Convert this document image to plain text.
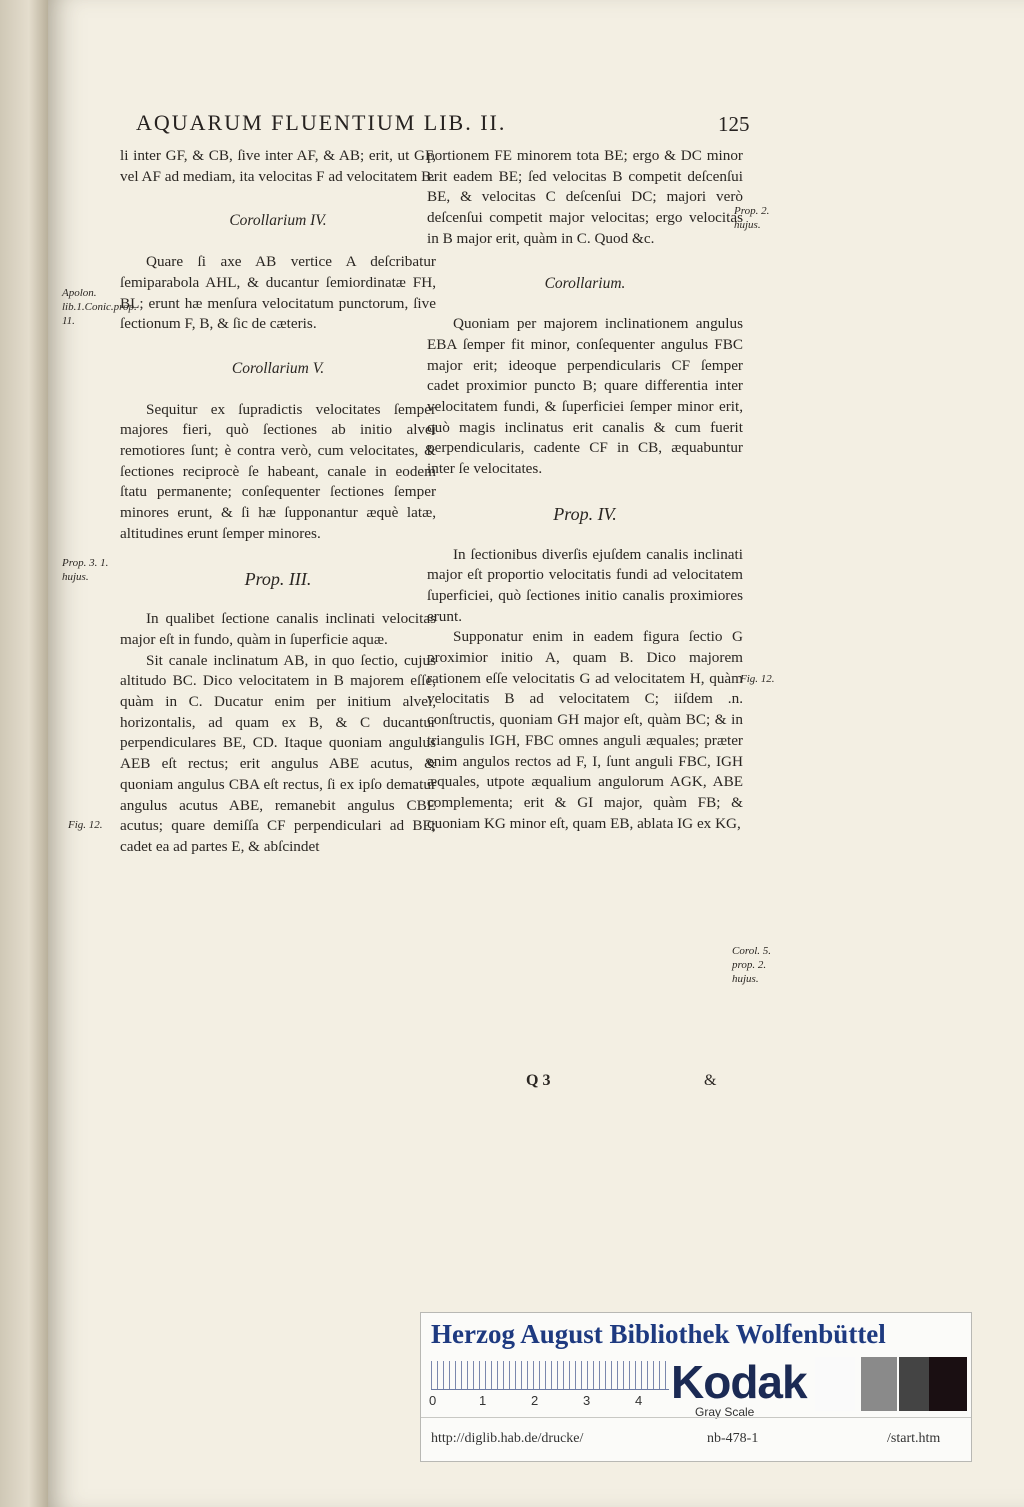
AQUARUM FLUENTIUM LIB. II.	125

li inter GF, & CB, ſive inter AF, & AB; erit, ut GF, vel AF ad mediam, ita velocitas F ad velocitatem B.

Corollarium IV.

Quare ſi axe AB vertice A deſcribatur ſemiparabola AHL, & ducantur ſemiordinatæ FH, BL; erunt hæ menſura velocitatum punctorum, ſive ſectionum F, B, & ſic de cæteris.

Corollarium V.

Sequitur ex ſupradictis velocitates ſemper majores fieri, quò ſectiones ab initio alvei remotiores ſunt; è contra verò, cum velocitates, & ſectiones reciprocè ſe habeant, canale in eodem ſtatu permanente; conſequenter ſectiones ſemper minores erunt, & ſi hæ ſupponantur æquè latæ, altitudines erunt ſemper minores.

Prop. III.

In qualibet ſectione canalis inclinati velocitas major eſt in fundo, quàm in ſuperficie aquæ.

Sit canale inclinatum AB, in quo ſectio, cujus altitudo BC. Dico velocitatem in B majorem eſſe, quàm in C. Ducatur enim per initium alvei, horizontalis, ad quam ex B, & C ducantur perpendiculares BE, CD. Itaque quoniam angulus AEB eſt rectus; erit angulus ABE acutus, & quoniam angulus CBA eſt rectus, ſi ex ipſo dematur angulus acutus ABE, remanebit angulus CBE acutus; quare demiſſa CF perpendiculari ad BE; cadet ea ad partes E, & abſcindet

portionem FE minorem tota BE; ergo & DC minor erit eadem BE; ſed velocitas B competit deſcenſui BE, & velocitas C deſcenſui DC; majori verò deſcenſui competit major velocitas; ergo velocitas in B major erit, quàm in C. Quod &c.

Corollarium.

Quoniam per majorem inclinationem angulus EBA ſemper fit minor, conſequenter angulus FBC major erit; ideoque perpendicularis CF ſemper cadet proximior puncto B; quare differentia inter velocitatem fundi, & ſuperficiei ſemper minor erit, quò magis inclinatus erit canalis & cum fuerit perpendicularis, cadente CF in CB, æquabuntur inter ſe velocitates.

Prop. IV.

In ſectionibus diverſis ejuſdem canalis inclinati major eſt proportio velocitatis fundi ad velocitatem ſuperficiei, quò ſectiones initio canalis proximiores erunt.

Supponatur enim in eadem figura ſectio G proximior initio A, quam B. Dico majorem rationem eſſe velocitatis G ad velocitatem H, quàm velocitatis B ad velocitatem C; iiſdem .n. conſtructis, quoniam GH major eſt, quàm BC; & in triangulis IGH, FBC omnes anguli æquales; præter enim angulos rectos ad F, I, ſunt anguli FBC, IGH æquales, utpote æqualium angulorum AGK, ABE complementa; erit & GI major, quàm FB; & quoniam KG minor eſt, quam EB, ablata IG ex KG,

Apolon. lib.1.Conic.prop. 11.
Prop. 3. 1. hujus.
Fig. 12.
Prop. 2. hujus.
Fig. 12.
Corol. 5. prop. 2. hujus.
Q 3	&
Herzog August Bibliothek Wolfenbüttel
0	1	2	3	4 Kodak
Gray Scale
http://diglib.hab.de/drucke/	nb-478-1	/start.htm
